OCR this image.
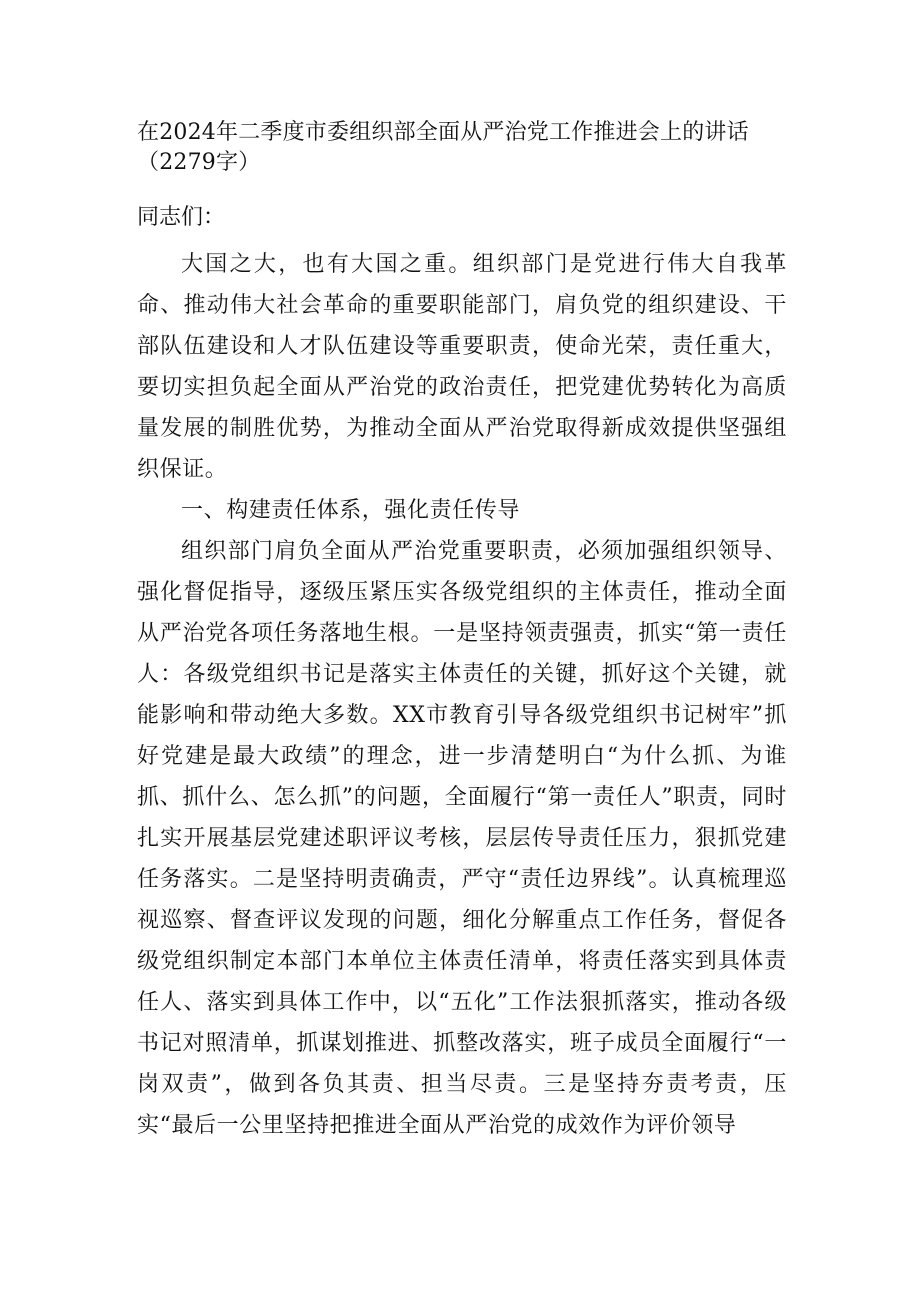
在2024年二季度市委组织部全面从严治党工作推进会上的讲话（2279字）
同志们：

大国之大，也有大国之重。组织部门是党进行伟大自我革命、推动伟大社会革命的重要职能部门，肩负党的组织建设、干部队伍建设和人才队伍建设等重要职责，使命光荣，责任重大，要切实担负起全面从严治党的政治责任，把党建优势转化为高质量发展的制胜优势，为推动全面从严治党取得新成效提供坚强组织保证。

一、构建责任体系，强化责任传导

组织部门肩负全面从严治党重要职责，必须加强组织领导、强化督促指导，逐级压紧压实各级党组织的主体责任，推动全面从严治党各项任务落地生根。一是坚持领责强责，抓实“第一责任人：各级党组织书记是落实主体责任的关键，抓好这个关键，就能影响和带动绝大多数。XX市教育引导各级党组织书记树牢”抓好党建是最大政绩”的理念，进一步清楚明白“为什么抓、为谁抓、抓什么、怎么抓”的问题，全面履行“第一责任人”职责，同时扎实开展基层党建述职评议考核，层层传导责任压力，狠抓党建任务落实。二是坚持明责确责，严守“责任边界线”。认真梳理巡视巡察、督查评议发现的问题，细化分解重点工作任务，督促各级党组织制定本部门本单位主体责任清单，将责任落实到具体责任人、落实到具体工作中，以“五化”工作法狠抓落实，推动各级书记对照清单，抓谋划推进、抓整改落实，班子成员全面履行“一岗双责”，做到各负其责、担当尽责。三是坚持夯责考责，压实“最后一公里坚持把推进全面从严治党的成效作为评价领导
